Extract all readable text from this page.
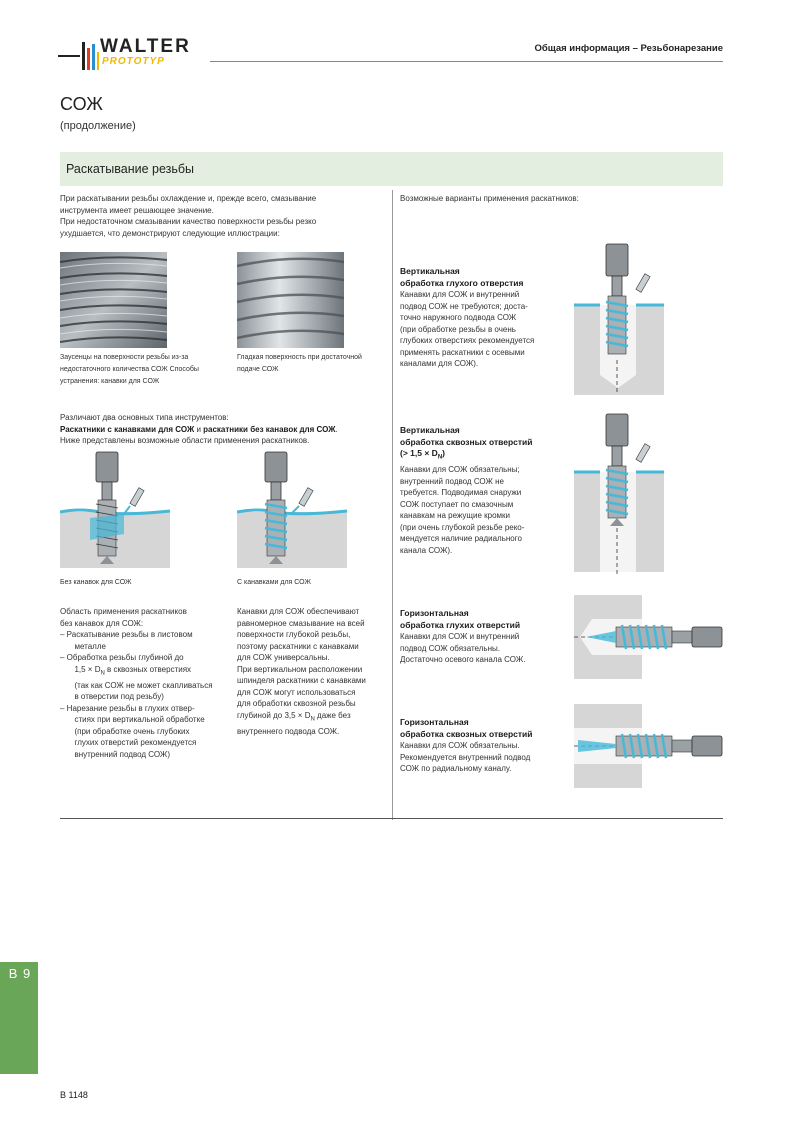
WALTER
PROTOTYP
Общая информация – Резьбонарезание
СОЖ
(продолжение)
Раскатывание резьбы
При раскатывании резьбы охлаждение и, прежде всего, смазывание
инструмента имеет решающее значение.
При недостаточном смазывании качество поверхности резьбы резко
ухудшается, что демонстрируют следующие иллюстрации:
Заусенцы на поверхности резьбы из-за
недостаточного количества СОЖ Способы
устранения: канавки для СОЖ
Гладкая поверхность при достаточной
подаче СОЖ
Различают два основных типа инструментов:
Раскатники с канавками для СОЖ и раскатники без канавок для СОЖ.
Ниже представлены возможные области применения раскатников.
Без канавок для СОЖ	С канавками для СОЖ
Область применения раскатников
без канавок для СОЖ:
– Раскатывание резьбы в листовом
металле
– Обработка резьбы глубиной до
$1,5 \times D_N$ в сквозных отверстиях
(так как СОЖ не может скапливаться
в отверстии под резьбу)
– Нарезание резьбы в глухих отвер-
стиях при вертикальной обработке
(при обработке очень глубоких
глухих отверстий рекомендуется
внутренний подвод СОЖ)
Канавки для СОЖ обеспечивают
равномерное смазывание на всей
поверхности глубокой резьбы,
поэтому раскатники с канавками
для СОЖ универсальны.
При вертикальном расположении
шпинделя раскатники с канавками
для СОЖ могут использоваться
для обработки сквозной резьбы
глубиной до $3,5 \times D_N$ даже без
внутреннего подвода СОЖ.
Возможные варианты применения раскатников:
Вертикальная
обработка глухого отверстия
Канавки для СОЖ и внутренний
подвод СОЖ не требуются; доста-
точно наружного подвода СОЖ
(при обработке резьбы в очень
глубоких отверстиях рекомендуется
применять раскатники с осевыми
каналами для СОЖ).
Вертикальная
обработка сквозных отверстий
(> $1,5 \times D_N$)
Канавки для СОЖ обязательны;
внутренний подвод СОЖ не
требуется. Подводимая снаружи
СОЖ поступает по смазочным
канавкам на режущие кромки
(при очень глубокой резьбе реко-
мендуется наличие радиального
канала СОЖ).
Горизонтальная
обработка глухих отверстий
Канавки для СОЖ и внутренний
подвод СОЖ обязательны.
Достаточно осевого канала СОЖ.
Горизонтальная
обработка сквозных отверстий
Канавки для СОЖ обязательны.
Рекомендуется внутренний подвод
СОЖ по радиальному каналу.
B 9
B 1148
